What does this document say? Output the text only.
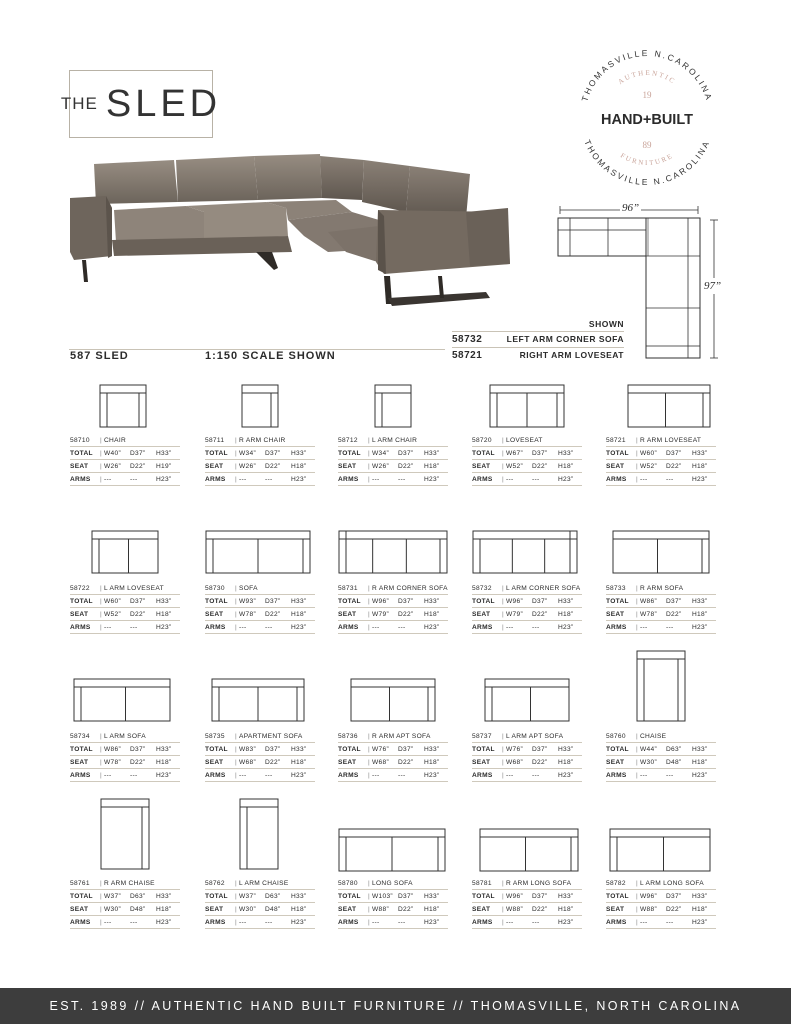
THE SLED	THOMASVILLE N.CAROLINA
THOMASVILLE N.CAROLINA
AUTHENTIC
FURNITURE
19
89
HAND+BUILT
96”
97”
SHOWN
58732	LEFT ARM CORNER SOFA
58721	RIGHT ARM LOVESEAT
587 SLED	1:150 SCALE SHOWN
58710	| CHAIR
TOTAL	| W40”	D37”	H33”
SEAT	| W26”	D22”	H19”
ARMS	| ---	---	H23”
58711	| R ARM CHAIR
TOTAL	| W34”	D37”	H33”
SEAT	| W26”	D22”	H18”
ARMS	| ---	---	H23”
58712	| L ARM CHAIR
TOTAL	| W34”	D37”	H33”
SEAT	| W26”	D22”	H18”
ARMS	| ---	---	H23”
58720	| LOVESEAT
TOTAL	| W67”	D37”	H33”
SEAT	| W52”	D22”	H18”
ARMS	| ---	---	H23”
58721	| R ARM LOVESEAT
TOTAL	| W60”	D37”	H33”
SEAT	| W52”	D22”	H18”
ARMS	| ---	---	H23”
58722	| L ARM LOVESEAT
TOTAL	| W60”	D37”	H33”
SEAT	| W52”	D22”	H18”
ARMS	| ---	---	H23”
58730	| SOFA
TOTAL	| W93”	D37”	H33”
SEAT	| W78”	D22”	H18”
ARMS	| ---	---	H23”
58731	| R ARM CORNER SOFA
TOTAL	| W96”	D37”	H33”
SEAT	| W79”	D22”	H18”
ARMS	| ---	---	H23”
58732	| L ARM CORNER SOFA
TOTAL	| W96”	D37”	H33”
SEAT	| W79”	D22”	H18”
ARMS	| ---	---	H23”
58733	| R ARM SOFA
TOTAL	| W86”	D37”	H33”
SEAT	| W78”	D22”	H18”
ARMS	| ---	---	H23”
58734	| L ARM SOFA
TOTAL	| W86”	D37”	H33”
SEAT	| W78”	D22”	H18”
ARMS	| ---	---	H23”
58735	| APARTMENT SOFA
TOTAL	| W83”	D37”	H33”
SEAT	| W68”	D22”	H18”
ARMS	| ---	---	H23”
58736	| R ARM APT SOFA
TOTAL	| W76”	D37”	H33”
SEAT	| W68”	D22”	H18”
ARMS	| ---	---	H23”
58737	| L ARM APT SOFA
TOTAL	| W76”	D37”	H33”
SEAT	| W68”	D22”	H18”
ARMS	| ---	---	H23”
58760	| CHAISE
TOTAL	| W44”	D63”	H33”
SEAT	| W30”	D48”	H18”
ARMS	| ---	---	H23”
58761	| R ARM CHAISE
TOTAL	| W37”	D63”	H33”
SEAT	| W30”	D48”	H18”
ARMS	| ---	---	H23”
58762	| L ARM CHAISE
TOTAL	| W37”	D63”	H33”
SEAT	| W30”	D48”	H18”
ARMS	| ---	---	H23”
58780	| LONG SOFA
TOTAL	| W103” D37”	H33”
SEAT	| W88”	D22”	H18”
ARMS	| ---	---	H23”
58781	| R ARM LONG SOFA
TOTAL	| W96”	D37”	H33”
SEAT	| W88”	D22”	H18”
ARMS	| ---	---	H23”
58782	| L ARM LONG SOFA
TOTAL	| W96”	D37”	H33”
SEAT	| W88”	D22”	H18”
ARMS	| ---	---	H23”
EST. 1989 // AUTHENTIC HAND BUILT FURNITURE // THOMASVILLE, NORTH CAROLINA
